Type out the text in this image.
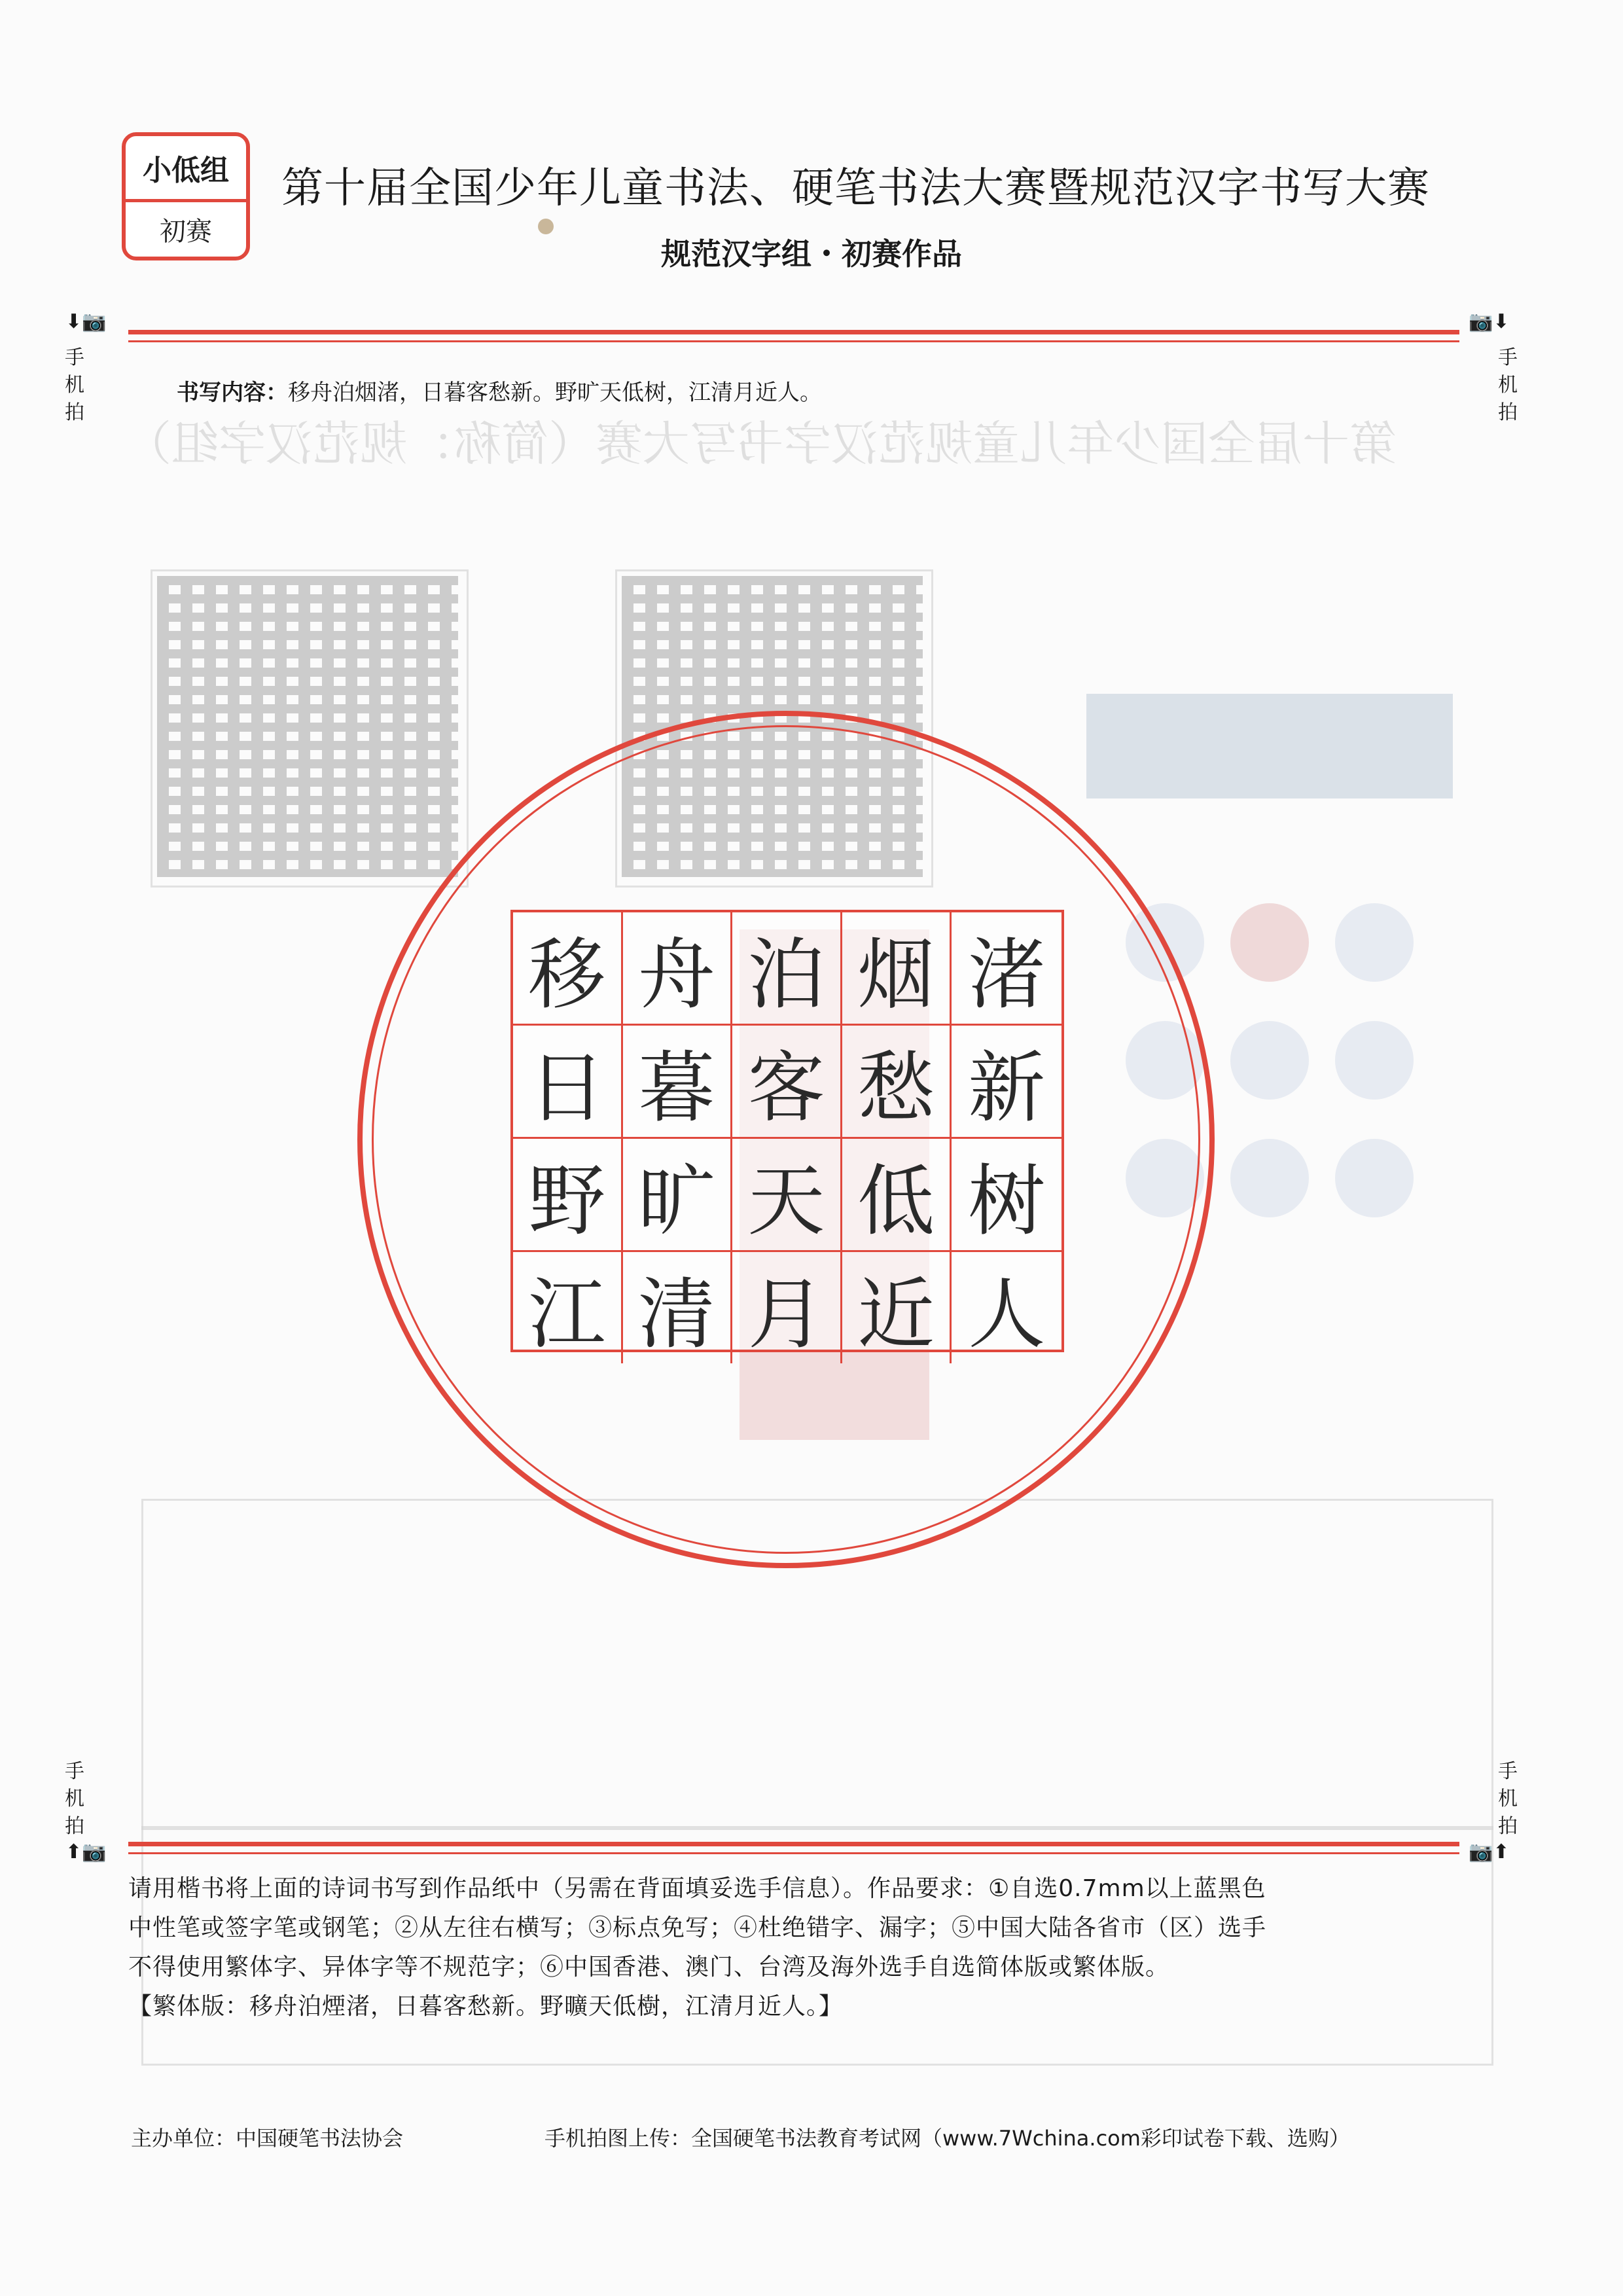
第十届全国少年儿童规范汉字书写大赛（简称：规范汉字组）
小低组
初赛
第十届全国少年儿童书法、硬笔书法大赛暨规范汉字书写大赛
规范汉字组・初赛作品
⬇📷	📷⬇
手机拍
手机拍
书写内容：移舟泊烟渚，日暮客愁新。野旷天低树，江清月近人。
移 舟 泊 烟 渚
日 暮 客 愁 新
野 旷 天 低 树
江 清 月 近 人
手机拍
手机拍
⬆📷	📷⬆
请用楷书将上面的诗词书写到作品纸中（另需在背面填妥选手信息）。作品要求：①自选0.7mm以上蓝黑色
中性笔或签字笔或钢笔；②从左往右横写；③标点免写；④杜绝错字、漏字；⑤中国大陆各省市（区）选手
不得使用繁体字、异体字等不规范字；⑥中国香港、澳门、台湾及海外选手自选简体版或繁体版。
【繁体版：移舟泊煙渚，日暮客愁新。野曠天低樹，江清月近人。】
主办单位：中国硬笔书法协会	手机拍图上传：全国硬笔书法教育考试网（www.7Wchina.com彩印试卷下载、选购）
